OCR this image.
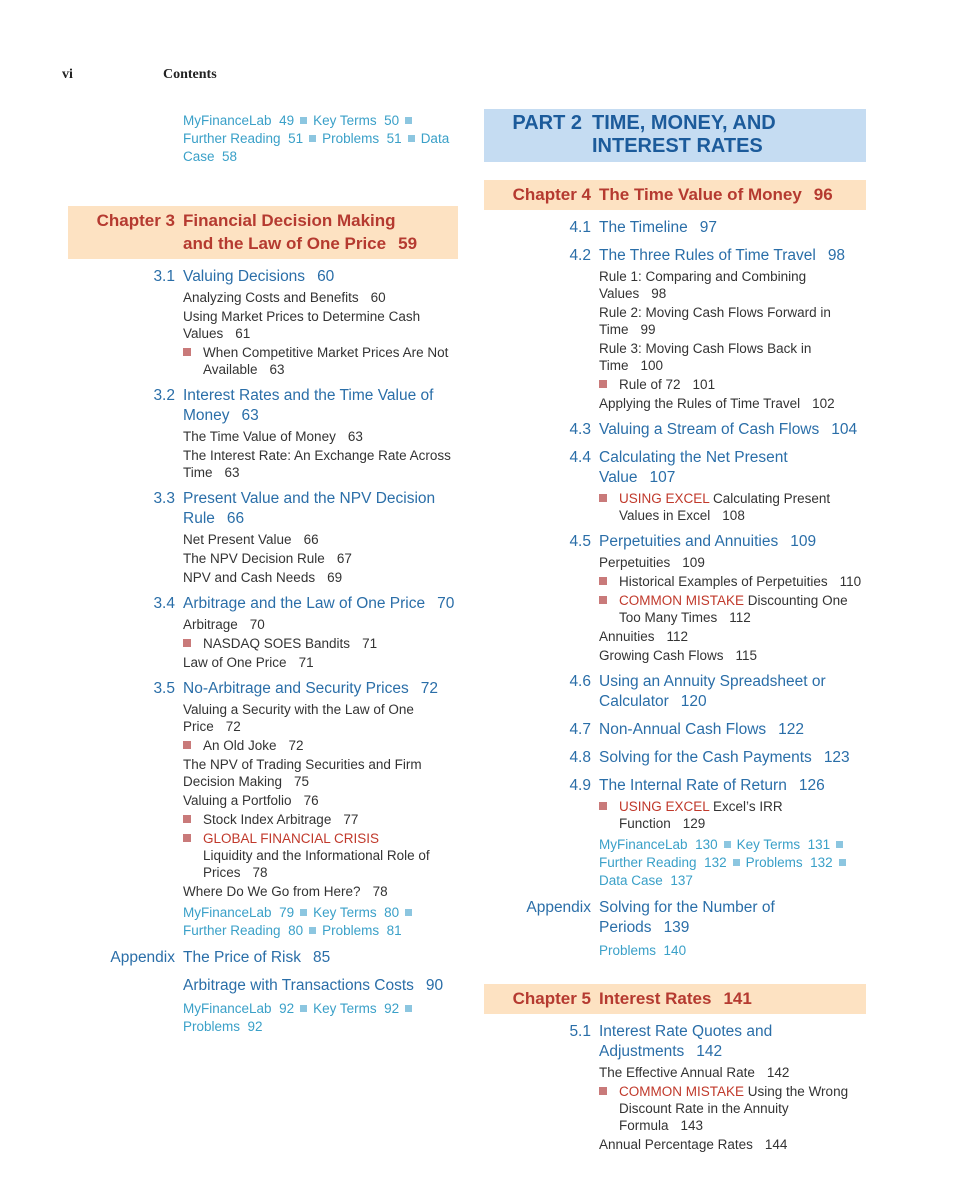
vi	Contents
MyFinanceLab 49 Key Terms 50Further Reading 51 Problems 51 Data Case 58
Chapter 3 Financial Decision Making
and the Law of One Price 59
3.1 Valuing Decisions 60
Analyzing Costs and Benefits 60
Using Market Prices to Determine Cash Values 61
When Competitive Market Prices Are Not Available 63
3.2 Interest Rates and the Time Value of Money 63
The Time Value of Money 63
The Interest Rate: An Exchange Rate Across Time 63
3.3 Present Value and the NPV Decision Rule 66
Net Present Value 66
The NPV Decision Rule 67
NPV and Cash Needs 69
3.4 Arbitrage and the Law of One Price 70
Arbitrage 70
NASDAQ SOES Bandits 71
Law of One Price 71
3.5 No-Arbitrage and Security Prices 72
Valuing a Security with the Law of One Price 72
An Old Joke 72
The NPV of Trading Securities and Firm Decision Making 75
Valuing a Portfolio 76
Stock Index Arbitrage 77
GLOBAL FINANCIAL CRISIS
Liquidity and the Informational Role of Prices 78
Where Do We Go from Here? 78
MyFinanceLab 79 Key Terms 80Further Reading 80 Problems 81
Appendix The Price of Risk 85
Arbitrage with Transactions Costs 90
MyFinanceLab 92 Key Terms 92Problems 92
PART 2 TIME, MONEY, AND
INTEREST RATES
Chapter 4 The Time Value of Money 96
4.1 The Timeline 97
4.2 The Three Rules of Time Travel 98
Rule 1: Comparing and Combining Values 98
Rule 2: Moving Cash Flows Forward in Time 99
Rule 3: Moving Cash Flows Back in Time 100
Rule of 72 101
Applying the Rules of Time Travel 102
4.3 Valuing a Stream of Cash Flows 104
4.4 Calculating the Net Present Value 107
USING EXCEL Calculating Present Values in Excel 108
4.5 Perpetuities and Annuities 109
Perpetuities 109
Historical Examples of Perpetuities 110
COMMON MISTAKE Discounting One Too Many Times 112
Annuities 112
Growing Cash Flows 115
4.6 Using an Annuity Spreadsheet or Calculator 120
4.7 Non-Annual Cash Flows 122
4.8 Solving for the Cash Payments 123
4.9 The Internal Rate of Return 126
USING EXCEL Excel’s IRR Function 129
MyFinanceLab 130 Key Terms 131Further Reading 132 Problems 132Data Case 137
Appendix Solving for the Number of Periods 139
Problems 140
Chapter 5 Interest Rates 141
5.1 Interest Rate Quotes and Adjustments 142
The Effective Annual Rate 142
COMMON MISTAKE Using the Wrong Discount Rate in the Annuity Formula 143
Annual Percentage Rates 144
